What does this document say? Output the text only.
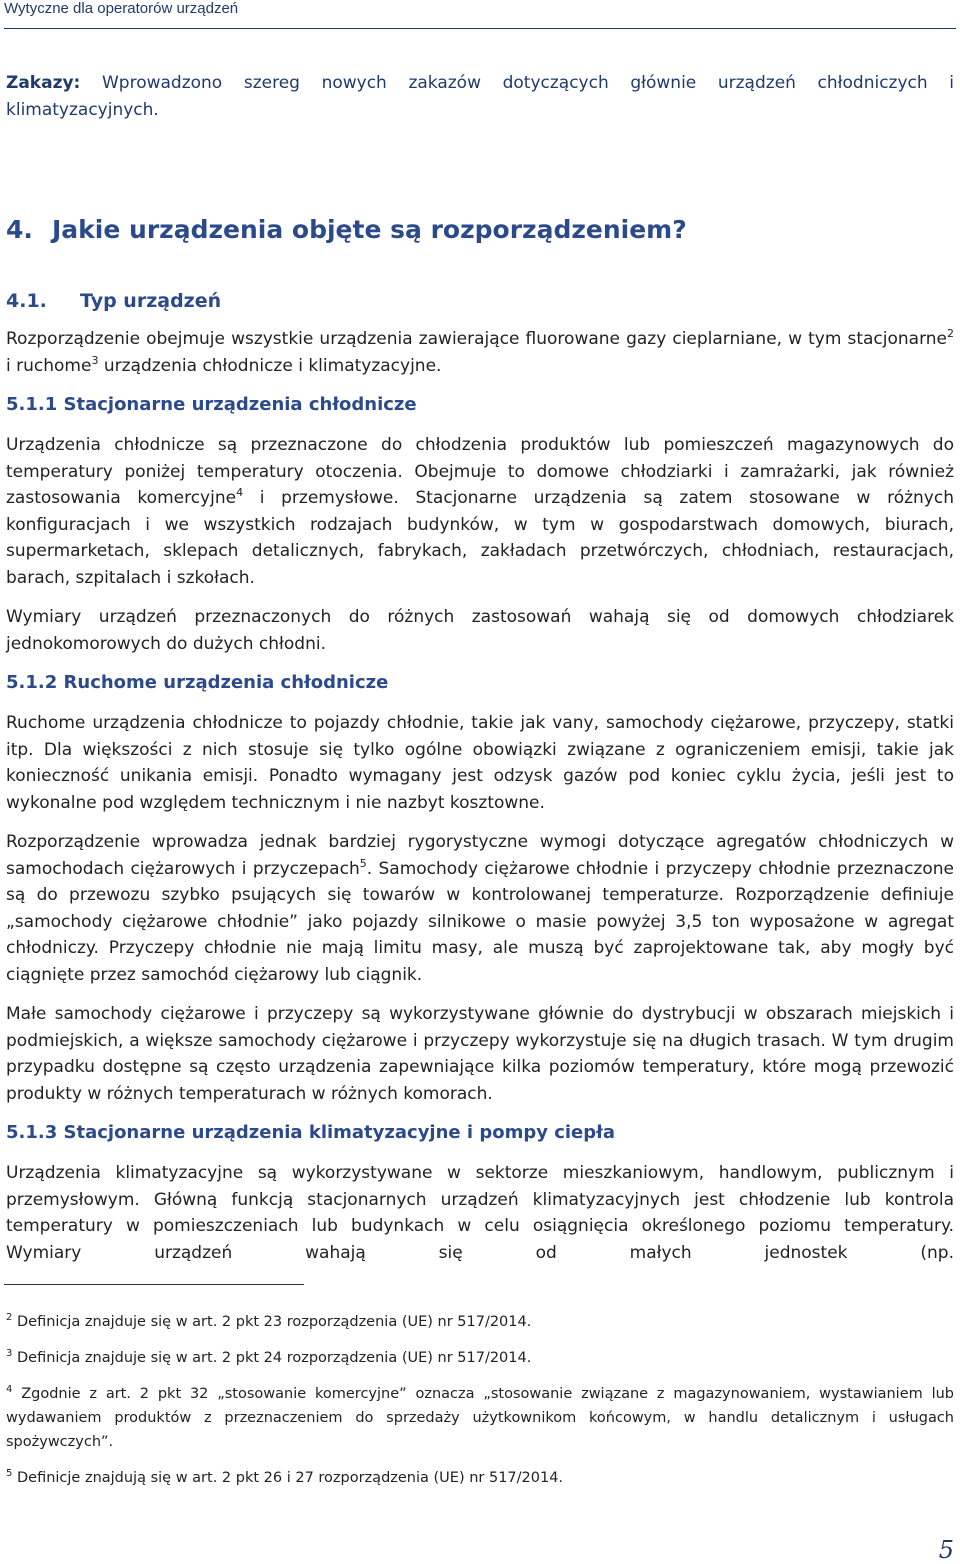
Wytyczne dla operatorów urządzeń

Zakazy: Wprowadzono szereg nowych zakazów dotyczących głównie urządzeń chłodniczych i klimatyzacyjnych.

4. Jakie urządzenia objęte są rozporządzeniem?
4.1. Typ urządzeń

Rozporządzenie obejmuje wszystkie urządzenia zawierające fluorowane gazy cieplarniane, w tym stacjonarne$^2$ i ruchome$^3$ urządzenia chłodnicze i klimatyzacyjne.

5.1.1 Stacjonarne urządzenia chłodnicze

Urządzenia chłodnicze są przeznaczone do chłodzenia produktów lub pomieszczeń magazynowych do temperatury poniżej temperatury otoczenia. Obejmuje to domowe chłodziarki i zamrażarki, jak również zastosowania komercyjne$^4$ i przemysłowe. Stacjonarne urządzenia są zatem stosowane w różnych konfiguracjach i we wszystkich rodzajach budynków, w tym w gospodarstwach domowych, biurach, supermarketach, sklepach detalicznych, fabrykach, zakładach przetwórczych, chłodniach, restauracjach, barach, szpitalach i szkołach.

Wymiary urządzeń przeznaczonych do różnych zastosowań wahają się od domowych chłodziarek jednokomorowych do dużych chłodni.

5.1.2 Ruchome urządzenia chłodnicze

Ruchome urządzenia chłodnicze to pojazdy chłodnie, takie jak vany, samochody ciężarowe, przyczepy, statki itp. Dla większości z nich stosuje się tylko ogólne obowiązki związane z ograniczeniem emisji, takie jak konieczność unikania emisji. Ponadto wymagany jest odzysk gazów pod koniec cyklu życia, jeśli jest to wykonalne pod względem technicznym i nie nazbyt kosztowne.

Rozporządzenie wprowadza jednak bardziej rygorystyczne wymogi dotyczące agregatów chłodniczych w samochodach ciężarowych i przyczepach$^5$. Samochody ciężarowe chłodnie i przyczepy chłodnie przeznaczone są do przewozu szybko psujących się towarów w kontrolowanej temperaturze. Rozporządzenie definiuje „samochody ciężarowe chłodnie” jako pojazdy silnikowe o masie powyżej 3,5 ton wyposażone w agregat chłodniczy. Przyczepy chłodnie nie mają limitu masy, ale muszą być zaprojektowane tak, aby mogły być ciągnięte przez samochód ciężarowy lub ciągnik.

Małe samochody ciężarowe i przyczepy są wykorzystywane głównie do dystrybucji w obszarach miejskich i podmiejskich, a większe samochody ciężarowe i przyczepy wykorzystuje się na długich trasach. W tym drugim przypadku dostępne są często urządzenia zapewniające kilka poziomów temperatury, które mogą przewozić produkty w różnych temperaturach w różnych komorach.

5.1.3 Stacjonarne urządzenia klimatyzacyjne i pompy ciepła

Urządzenia klimatyzacyjne są wykorzystywane w sektorze mieszkaniowym, handlowym, publicznym i przemysłowym. Główną funkcją stacjonarnych urządzeń klimatyzacyjnych jest chłodzenie lub kontrola temperatury w pomieszczeniach lub budynkach w celu osiągnięcia określonego poziomu temperatury. Wymiary urządzeń wahają się od małych jednostek (np.

$^2$ Definicja znajduje się w art. 2 pkt 23 rozporządzenia (UE) nr 517/2014.

$^3$ Definicja znajduje się w art. 2 pkt 24 rozporządzenia (UE) nr 517/2014.

$^4$ Zgodnie z art. 2 pkt 32 „stosowanie komercyjne” oznacza „stosowanie związane z magazynowaniem, wystawianiem lub wydawaniem produktów z przeznaczeniem do sprzedaży użytkownikom końcowym, w handlu detalicznym i usługach spożywczych”.

$^5$ Definicje znajdują się w art. 2 pkt 26 i 27 rozporządzenia (UE) nr 517/2014.

5
